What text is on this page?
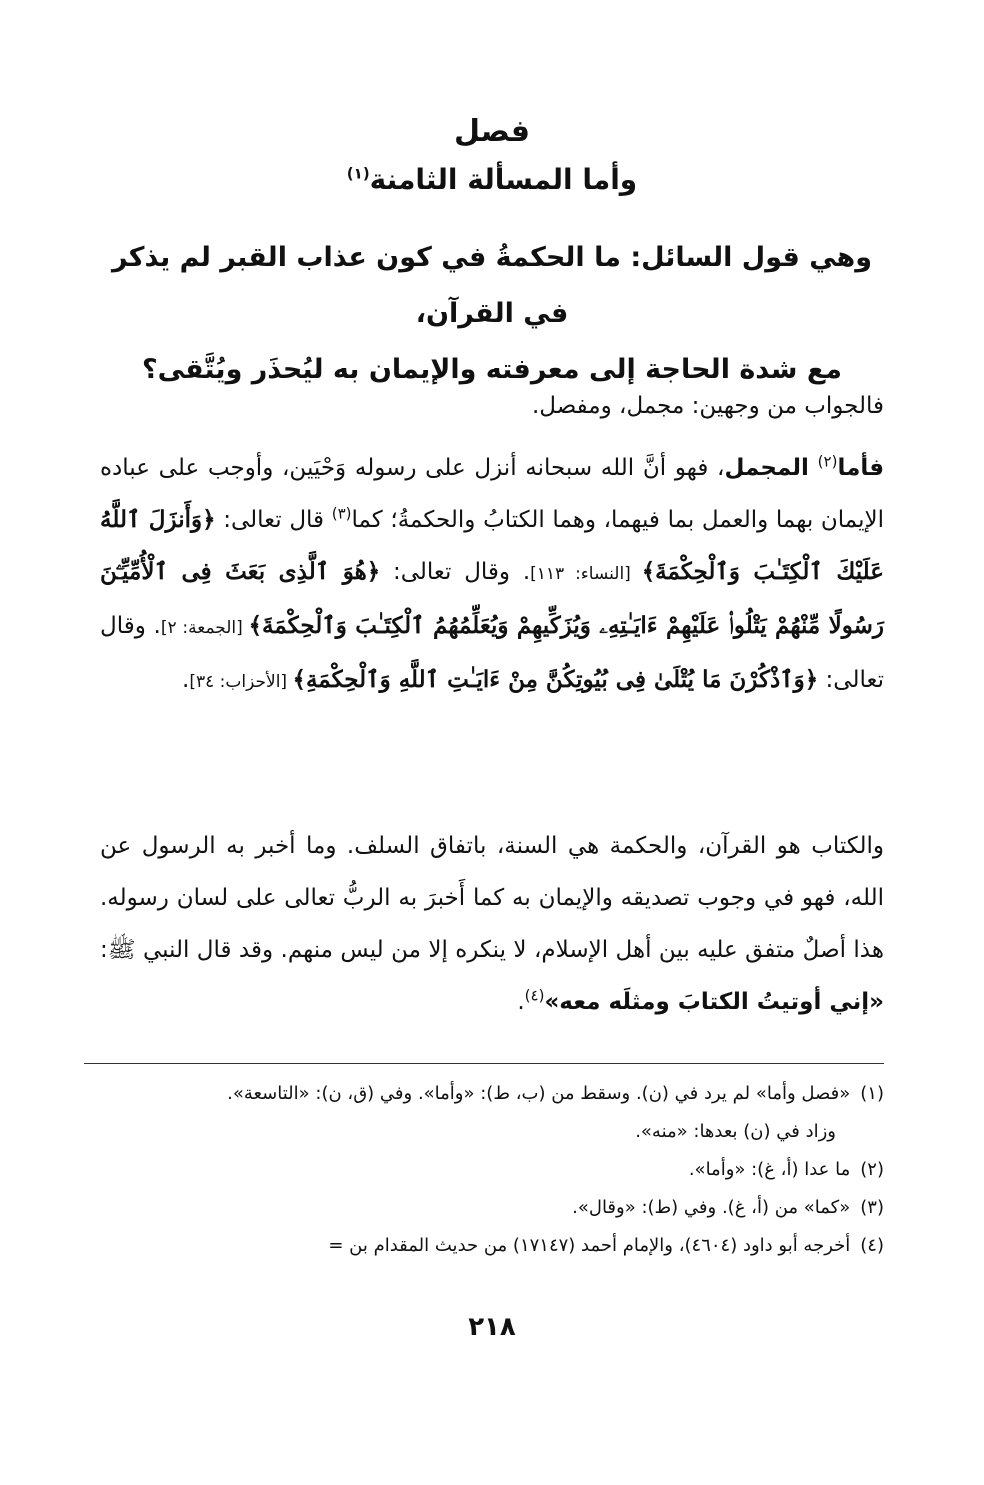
فصل
وأما المسألة الثامنة$^{(١)}$
وهي قول السائل: ما الحكمةُ في كون عذاب القبر لم يذكر في القرآن،
مع شدة الحاجة إلى معرفته والإيمان به ليُحذَر ويُتَّقى؟
فالجواب من وجهين: مجمل، ومفصل.
فأما$^{(٢)}$ المجمل، فهو أنَّ الله سبحانه أنزل على رسوله وَحْيَين، وأوجب على عباده الإيمان بهما والعمل بما فيهما، وهما الكتابُ والحكمةُ؛ كما$^{(٣)}$ قال تعالى: ﴿وَأَنزَلَ ٱللَّهُ عَلَيْكَ ٱلْكِتَـٰبَ وَٱلْحِكْمَةَ﴾ [النساء: ١١٣]. وقال تعالى: ﴿هُوَ ٱلَّذِى بَعَثَ فِى ٱلْأُمِّيِّـۧنَ رَسُولًا مِّنْهُمْ يَتْلُوا۟ عَلَيْهِمْ ءَايَـٰتِهِۦ وَيُزَكِّيهِمْ وَيُعَلِّمُهُمُ ٱلْكِتَـٰبَ وَٱلْحِكْمَةَ﴾ [الجمعة: ٢]. وقال تعالى: ﴿وَٱذْكُرْنَ مَا يُتْلَىٰ فِى بُيُوتِكُنَّ مِنْ ءَايَـٰتِ ٱللَّهِ وَٱلْحِكْمَةِ﴾ [الأحزاب: ٣٤].
والكتاب هو القرآن، والحكمة هي السنة، باتفاق السلف. وما أخبر به الرسول عن الله، فهو في وجوب تصديقه والإيمان به كما أَخبرَ به الربُّ تعالى على لسان رسوله. هذا أصلٌ متفق عليه بين أهل الإسلام، لا ينكره إلا من ليس منهم. وقد قال النبي ﷺ: «إني أوتيتُ الكتابَ ومثلَه معه»$^{(٤)}$.
(١)
«فصل وأما» لم يرد في (ن). وسقط من (ب، ط): «وأما». وفي (ق، ن): «التاسعة».
وزاد في (ن) بعدها: «منه».
(٢)
ما عدا (أ، غ): «وأما».
(٣)
«كما» من (أ، غ). وفي (ط): «وقال».
(٤)
أخرجه أبو داود (٤٦٠٤)، والإمام أحمد (١٧١٤٧) من حديث المقدام بن =
٢١٨
